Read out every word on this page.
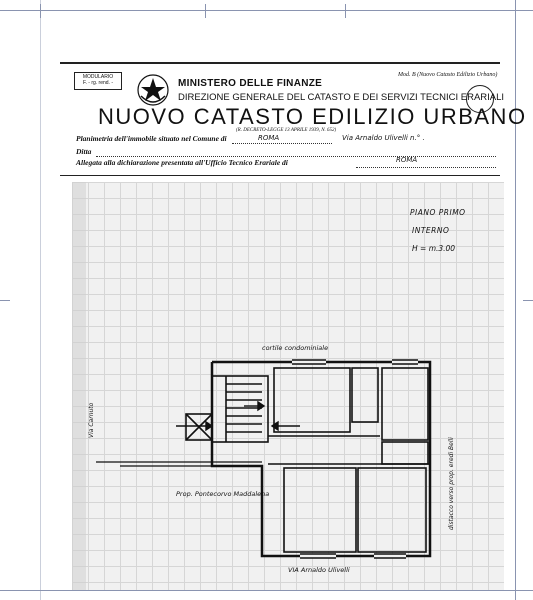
MODULARIO
F. - rg. rend. -
Mod. B (Nuovo Catasto Edilizio Urbano)
MINISTERO DELLE FINANZE
DIREZIONE GENERALE DEL CATASTO E DEI SERVIZI TECNICI ERARIALI
NUOVO CATASTO EDILIZIO URBANO
(R. DECRETO-LEGGE 13 APRILE 1939, N. 652)
Planimetria dell'immobile situato nel Comune di	ROMA	Via Arnaldo Ulivelli n.° .
Ditta
Allegata alla dichiarazione presentata all'Ufficio Tecnico Erariale di	ROMA
PIANO PRIMO
INTERNO
H = m.3.00
cortile condominiale
Via Carnuto
Prop. Pontecorvo Maddalena	distacco verso prop. eredi Belli
VIA Arnaldo Ulivelli
